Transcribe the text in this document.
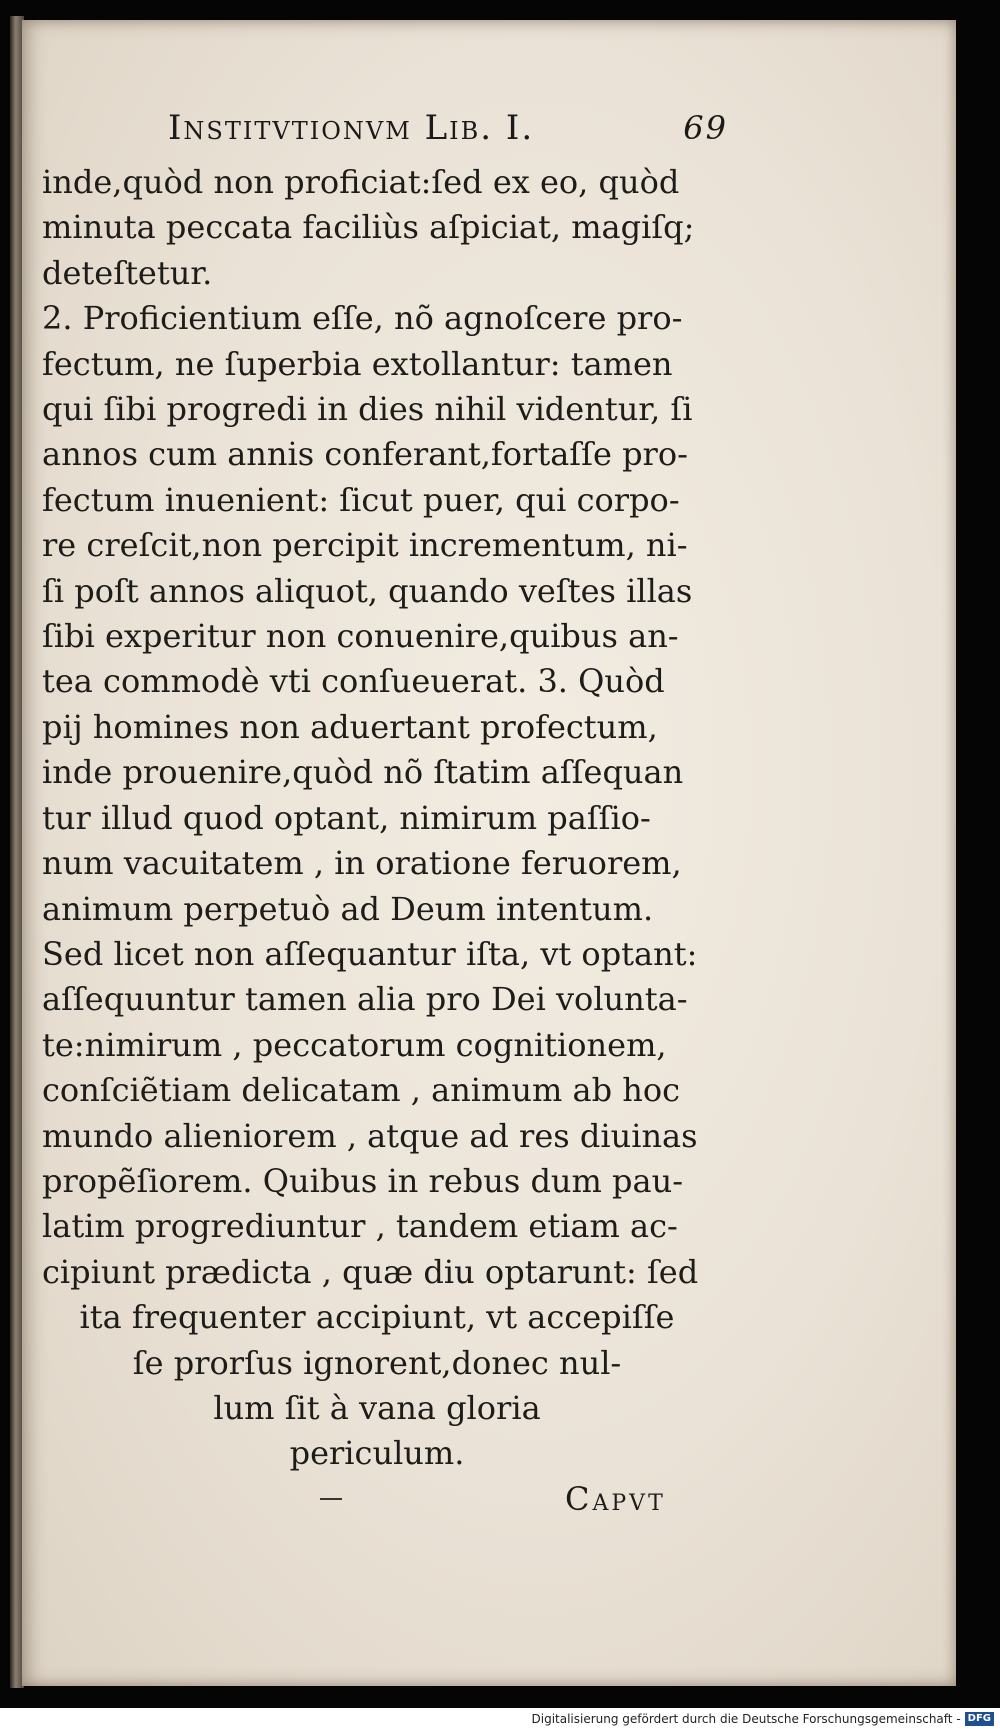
Institvtionvm Lib. I.	69
inde,quòd non proficiat:ſed ex eo, quòd
minuta peccata faciliùs aſpiciat, magiſq;
deteſtetur.
2. Proficientium eſſe, nõ agnoſcere pro-
fectum, ne ſuperbia extollantur: tamen
qui ſibi progredi in dies nihil videntur, ſi
annos cum annis conferant,fortaſſe pro-
fectum inuenient: ſicut puer, qui corpo-
re creſcit,non percipit incrementum, ni-
ſi poſt annos aliquot, quando veſtes illas
ſibi experitur non conuenire,quibus an-
tea commodè vti conſueuerat. 3. Quòd
pij homines non aduertant profectum,
inde prouenire,quòd nõ ſtatim aſſequan
tur illud quod optant, nimirum paſſio-
num vacuitatem , in oratione feruorem,
animum perpetuò ad Deum intentum.
Sed licet non aſſequantur iſta, vt optant:
aſſequuntur tamen alia pro Dei volunta-
te:nimirum , peccatorum cognitionem,
conſciẽtiam delicatam , animum ab hoc
mundo alieniorem , atque ad res diuinas
propẽſiorem. Quibus in rebus dum pau-
latim progrediuntur , tandem etiam ac-
cipiunt prædicta , quæ diu optarunt: ſed
ita frequenter accipiunt, vt accepiſſe
ſe prorſus ignorent,donec nul-
lum ſit à vana gloria
periculum.
Capvt
Digitalisierung gefördert durch die Deutsche Forschungsgemeinschaft - DFG
